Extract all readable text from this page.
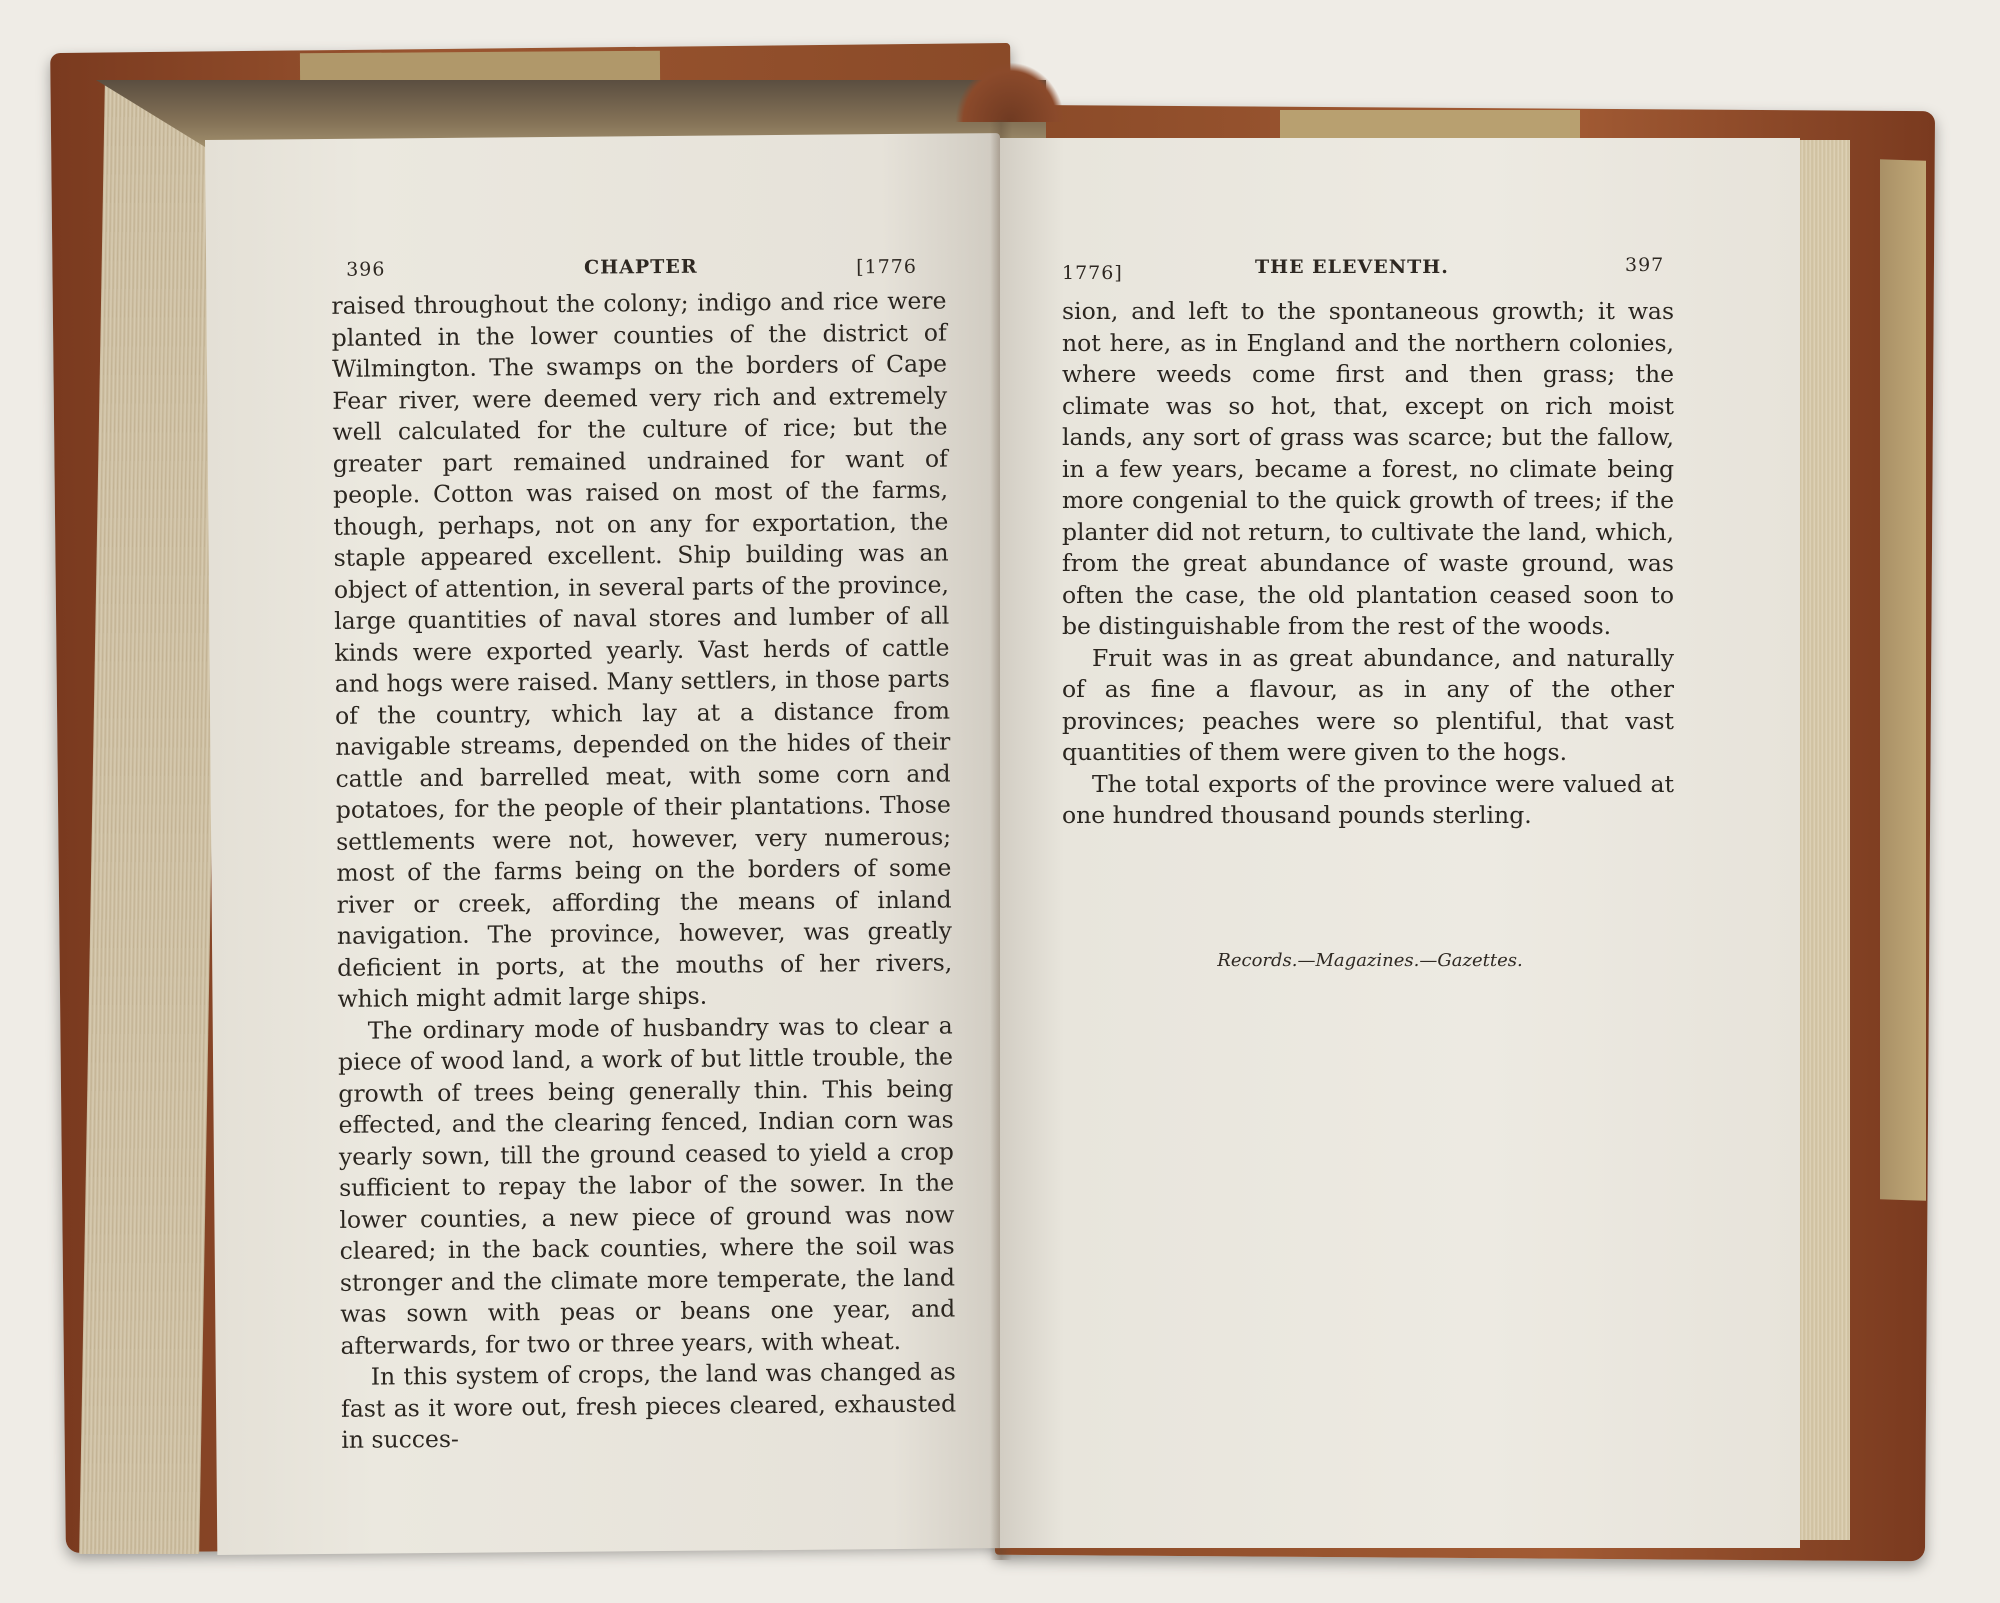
396	CHAPTER	[1776

raised throughout the colony; indigo and rice were planted in the lower counties of the district of Wilmington. The swamps on the borders of Cape Fear river, were deemed very rich and extremely well calculated for the culture of rice; but the greater part remained undrained for want of people. Cotton was raised on most of the farms, though, perhaps, not on any for exportation, the staple appeared excellent. Ship building was an object of attention, in several parts of the province, large quantities of naval stores and lumber of all kinds were exported yearly. Vast herds of cattle and hogs were raised. Many settlers, in those parts of the country, which lay at a distance from navigable streams, depended on the hides of their cattle and barrelled meat, with some corn and potatoes, for the people of their plantations. Those settlements were not, however, very numerous; most of the farms being on the borders of some river or creek, affording the means of inland navigation. The province, however, was greatly deficient in ports, at the mouths of her rivers, which might admit large ships.

The ordinary mode of husbandry was to clear a piece of wood land, a work of but little trouble, the growth of trees being generally thin. This being effected, and the clearing fenced, Indian corn was yearly sown, till the ground ceased to yield a crop sufficient to repay the labor of the sower. In the lower counties, a new piece of ground was now cleared; in the back counties, where the soil was stronger and the climate more temperate, the land was sown with peas or beans one year, and afterwards, for two or three years, with wheat.

In this system of crops, the land was changed as fast as it wore out, fresh pieces cleared, exhausted in succes-

1776]	THE ELEVENTH.	397

sion, and left to the spontaneous growth; it was not here, as in England and the northern colonies, where weeds come first and then grass; the climate was so hot, that, except on rich moist lands, any sort of grass was scarce; but the fallow, in a few years, became a forest, no climate being more congenial to the quick growth of trees; if the planter did not return, to cultivate the land, which, from the great abundance of waste ground, was often the case, the old plantation ceased soon to be distinguishable from the rest of the woods.

Fruit was in as great abundance, and naturally of as fine a flavour, as in any of the other provinces; peaches were so plentiful, that vast quantities of them were given to the hogs.

The total exports of the province were valued at one hundred thousand pounds sterling.

Records.—Magazines.—Gazettes.
